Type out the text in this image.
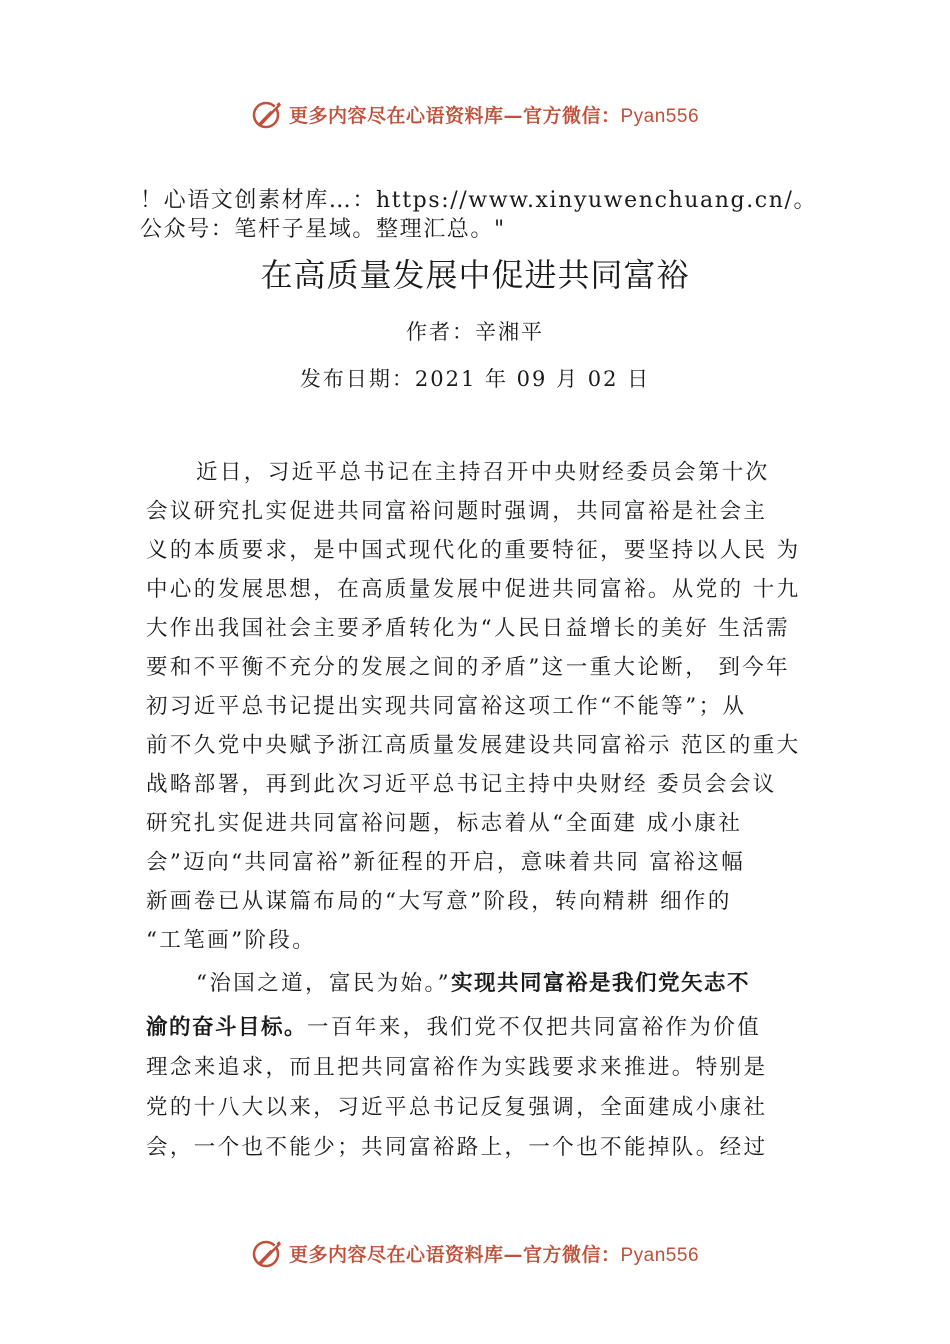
更多内容尽在心语资料库—官方微信：Pyan556
！心语文创素材库…：https://www.xinyuwenchuang.cn/。公众号：笔杆子星域。整理汇总。"
在高质量发展中促进共同富裕
作者：辛湘平
发布日期：2021 年 09 月 02 日
近日，习近平总书记在主持召开中央财经委员会第十次
会议研究扎实促进共同富裕问题时强调，共同富裕是社会主
义的本质要求，是中国式现代化的重要特征，要坚持以人民 为
中心的发展思想，在高质量发展中促进共同富裕。从党的 十九
大作出我国社会主要矛盾转化为“人民日益增长的美好 生活需
要和不平衡不充分的发展之间的矛盾”这一重大论断， 到今年
初习近平总书记提出实现共同富裕这项工作“不能等”；从
前不久党中央赋予浙江高质量发展建设共同富裕示 范区的重大
战略部署，再到此次习近平总书记主持中央财经 委员会会议
研究扎实促进共同富裕问题，标志着从“全面建 成小康社
会”迈向“共同富裕”新征程的开启，意味着共同 富裕这幅
新画卷已从谋篇布局的“大写意”阶段，转向精耕 细作的
“工笔画”阶段。
“治国之道，富民为始。”实现共同富裕是我们党矢志不
渝的奋斗目标。一百年来，我们党不仅把共同富裕作为价值
理念来追求，而且把共同富裕作为实践要求来推进。特别是
党的十八大以来，习近平总书记反复强调，全面建成小康社
会，一个也不能少；共同富裕路上，一个也不能掉队。经过
更多内容尽在心语资料库—官方微信：Pyan556
